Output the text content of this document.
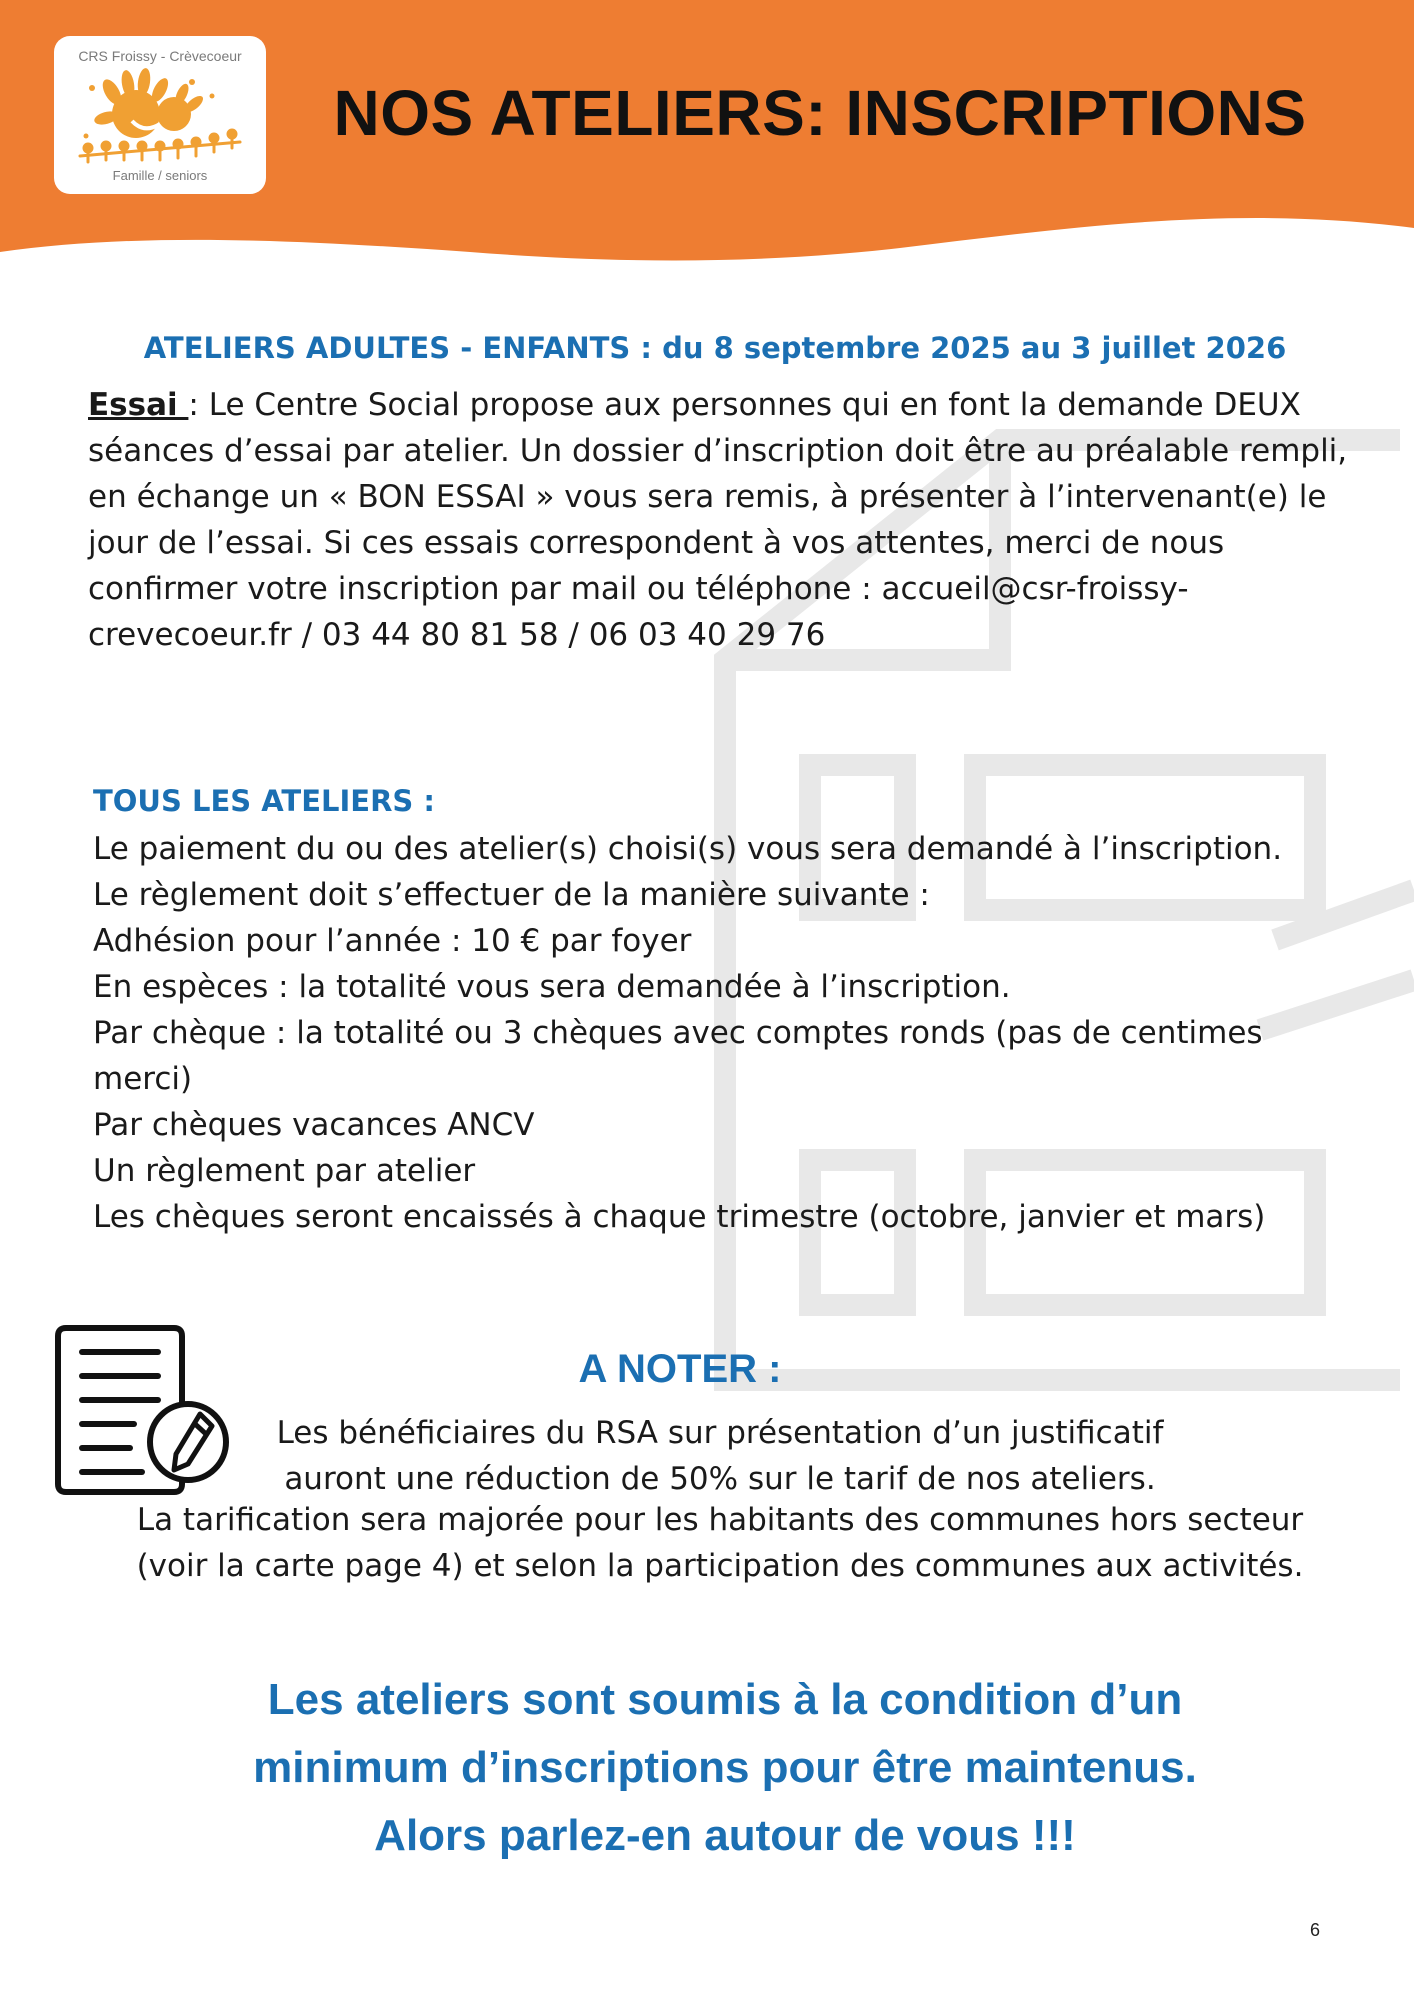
CRS Froissy - Crèvecoeur
Famille / seniors
NOS ATELIERS: INSCRIPTIONS
ATELIERS ADULTES - ENFANTS : du 8 septembre 2025 au 3 juillet 2026

Essai : Le Centre Social propose aux personnes qui en font la demande DEUX séances d’essai par atelier. Un dossier d’inscription doit être au préalable rempli, en échange un « BON ESSAI » vous sera remis, à présenter à l’intervenant(e) le jour de l’essai. Si ces essais correspondent à vos attentes, merci de nous confirmer votre inscription par mail ou téléphone : accueil@csr-froissy-crevecoeur.fr / 03 44 80 81 58 / 06 03 40 29 76

TOUS LES ATELIERS :
Le paiement du ou des atelier(s) choisi(s) vous sera demandé à l’inscription.
Le règlement doit s’effectuer de la manière suivante :
Adhésion pour l’année : 10 € par foyer
En espèces : la totalité vous sera demandée à l’inscription.
Par chèque : la totalité ou 3 chèques avec comptes ronds (pas de centimes merci)
Par chèques vacances ANCV
Un règlement par atelier
Les chèques seront encaissés à chaque trimestre (octobre, janvier et mars)
A NOTER :

Les bénéficiaires du RSA sur présentation d’un justificatif auront une réduction de 50% sur le tarif de nos ateliers.

La tarification sera majorée pour les habitants des communes hors secteur (voir la carte page 4) et selon la participation des communes aux activités.

Les ateliers sont soumis à la condition d’un
minimum d’inscriptions pour être maintenus.
Alors parlez-en autour de vous !!!
6
